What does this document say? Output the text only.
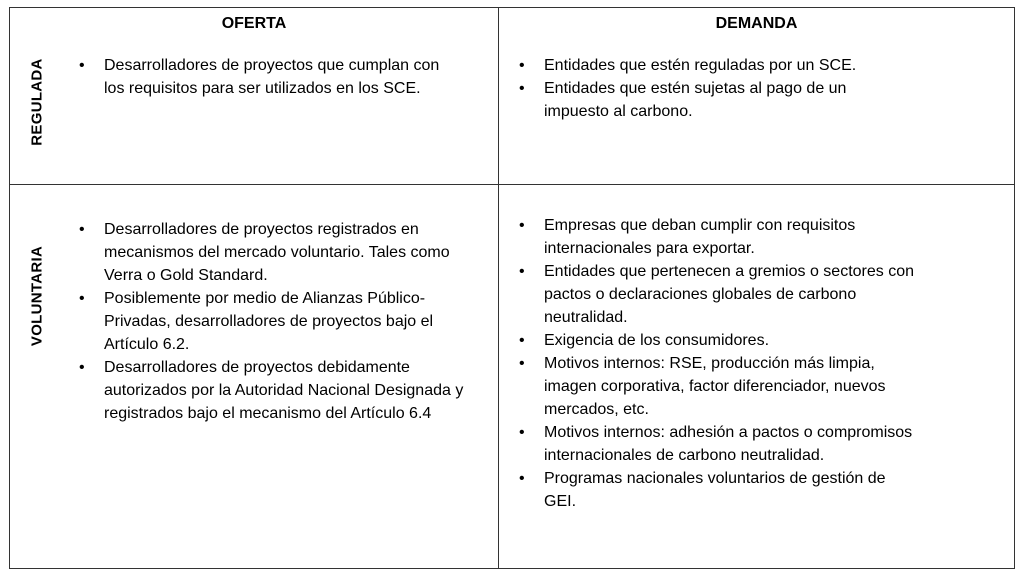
OFERTA	DEMANDA
REGULADA
VOLUNTARIA
• Desarrolladores de proyectos que cumplan con los requisitos para ser utilizados en los SCE.
• Entidades que estén reguladas por un SCE.
• Entidades que estén sujetas al pago de un impuesto al carbono.
• Desarrolladores de proyectos registrados en mecanismos del mercado voluntario. Tales como Verra o Gold Standard.
• Posiblemente por medio de Alianzas Público-Privadas, desarrolladores de proyectos bajo el Artículo 6.2.
• Desarrolladores de proyectos debidamente autorizados por la Autoridad Nacional Designada y registrados bajo el mecanismo del Artículo 6.4
• Empresas que deban cumplir con requisitos internacionales para exportar.
• Entidades que pertenecen a gremios o sectores con pactos o declaraciones globales de carbono neutralidad.
• Exigencia de los consumidores.
• Motivos internos: RSE, producción más limpia, imagen corporativa, factor diferenciador, nuevos mercados, etc.
• Motivos internos: adhesión a pactos o compromisos internacionales de carbono neutralidad.
• Programas nacionales voluntarios de gestión de GEI.
